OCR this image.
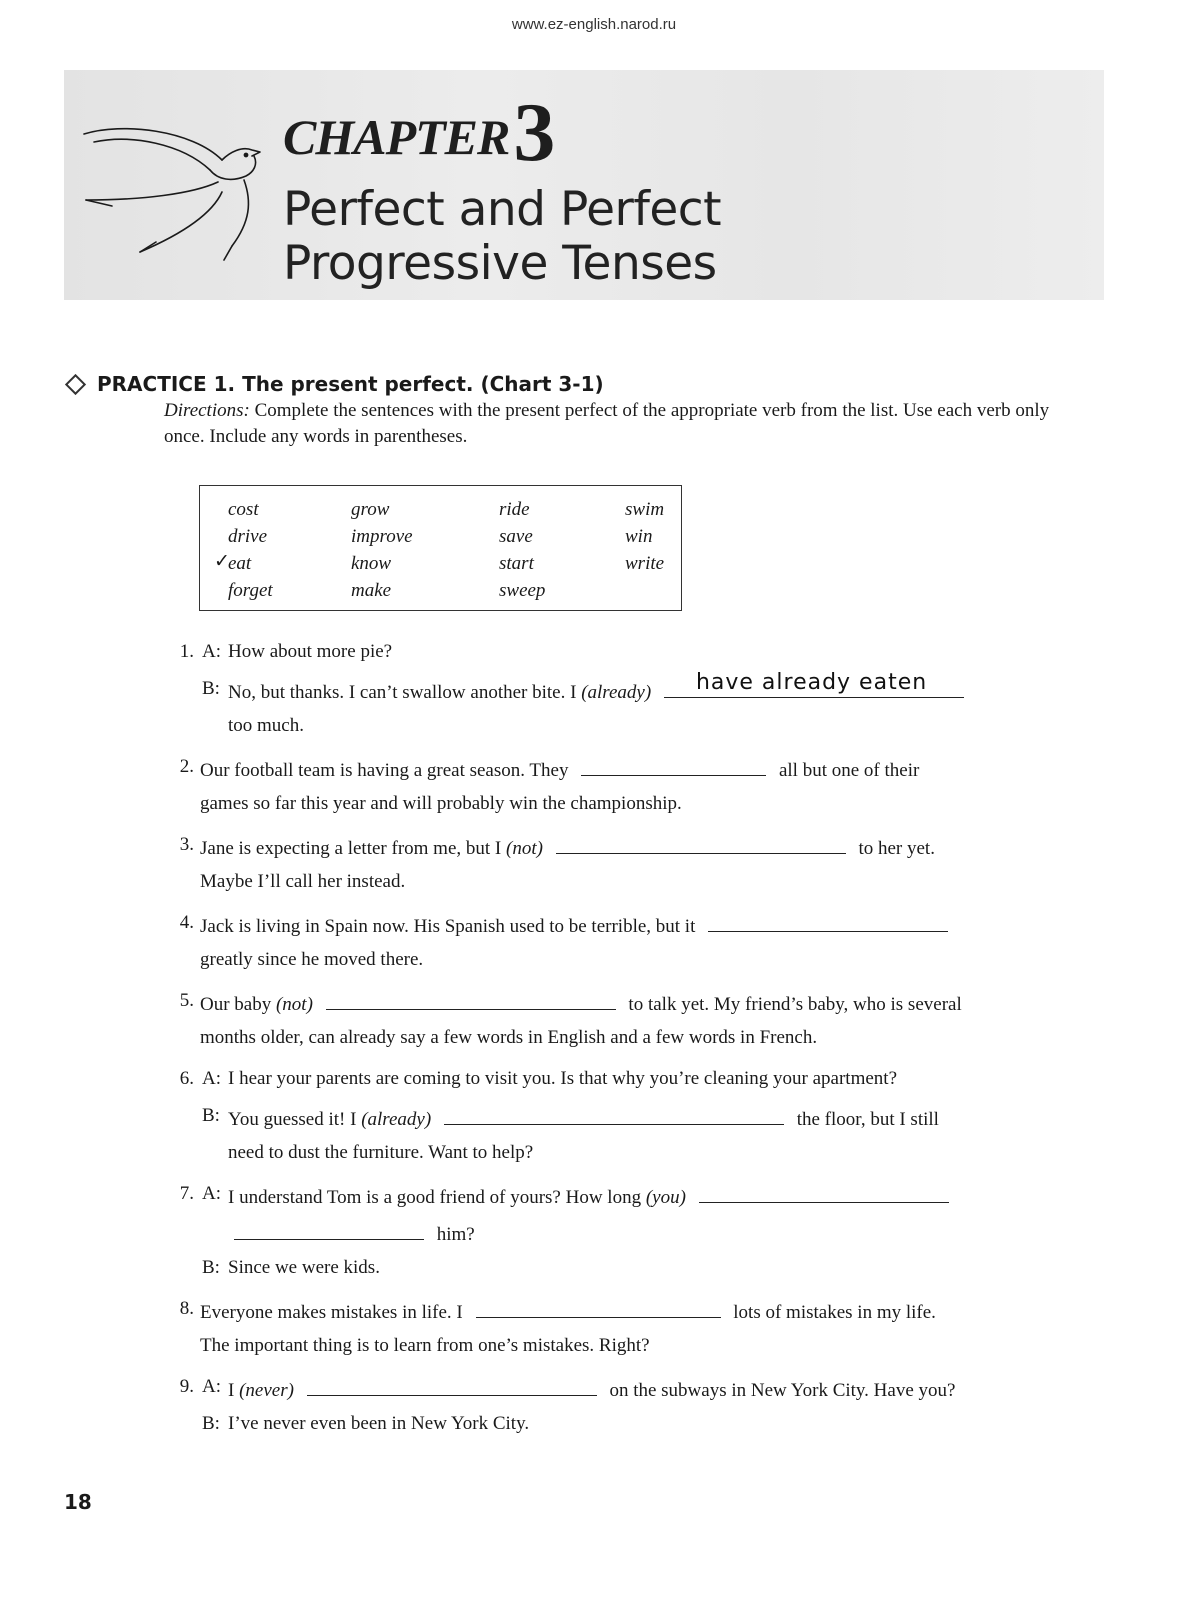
www.ez-english.narod.ru
CHAPTER3
Perfect and Perfect
Progressive Tenses
PRACTICE 1. The present perfect. (Chart 3-1)
Directions: Complete the sentences with the present perfect of the appropriate verb from the list. Use each verb only once. Include any words in parentheses.
✓
cost	grow	ride	swim
drive	improve	save	win
eat	know	start	write
forget	make	sweep
1. A: How about more pie?
B: No, but thanks. I can’t swallow another bite. I (already) have already eaten
too much.
2. Our football team is having a great season. They	all but one of their
games so far this year and will probably win the championship.
3. Jane is expecting a letter from me, but I (not)	to her yet.
Maybe I’ll call her instead.
4. Jack is living in Spain now. His Spanish used to be terrible, but it
greatly since he moved there.
5. Our baby (not)	to talk yet. My friend’s baby, who is several
months older, can already say a few words in English and a few words in French.
6. A: I hear your parents are coming to visit you. Is that why you’re cleaning your apartment?
B: You guessed it! I (already)	the floor, but I still
need to dust the furniture. Want to help?
7. A: I understand Tom is a good friend of yours? How long (you)
him?
B: Since we were kids.
8. Everyone makes mistakes in life. I	lots of mistakes in my life.
The important thing is to learn from one’s mistakes. Right?
9. A: I (never)	on the subways in New York City. Have you?
B: I’ve never even been in New York City.
18
